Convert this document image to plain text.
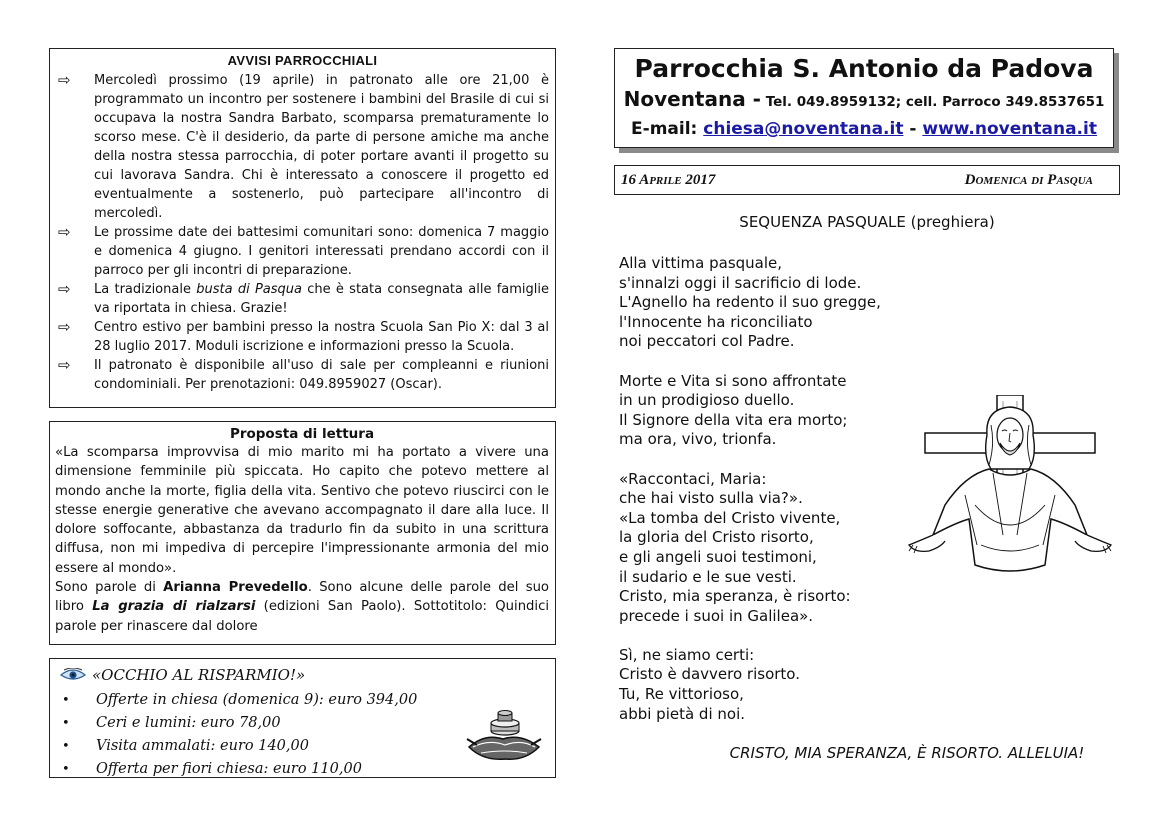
AVVISI PARROCCHIALI
⇨ Mercoledì prossimo (19 aprile) in patronato alle ore 21,00 è programmato un incontro per sostenere i bambini del Brasile di cui si occupava la nostra Sandra Barbato, scomparsa prematuramente lo scorso mese. C'è il desiderio, da parte di persone amiche ma anche della nostra stessa parrocchia, di poter portare avanti il progetto su cui lavorava Sandra. Chi è interessato a conoscere il progetto ed eventualmente a sostenerlo, può partecipare all'incontro di mercoledì.
⇨ Le prossime date dei battesimi comunitari sono: domenica 7 maggio e domenica 4 giugno. I genitori interessati prendano accordi con il parroco per gli incontri di preparazione.
⇨ La tradizionale busta di Pasqua che è stata consegnata alle famiglie va riportata in chiesa. Grazie!
⇨ Centro estivo per bambini presso la nostra Scuola San Pio X: dal 3 al 28 luglio 2017. Moduli iscrizione e informazioni presso la Scuola.
⇨ Il patronato è disponibile all'uso di sale per compleanni e riunioni condominiali. Per prenotazioni: 049.8959027 (Oscar).
Proposta di lettura

«La scomparsa improvvisa di mio marito mi ha portato a vivere una dimensione femminile più spiccata. Ho capito che potevo mettere al mondo anche la morte, figlia della vita. Sentivo che potevo riuscirci con le stesse energie generative che avevano accompagnato il dare alla luce. Il dolore soffocante, abbastanza da tradurlo fin da subito in una scrittura diffusa, non mi impediva di percepire l'impressionante armonia del mio essere al mondo».

Sono parole di Arianna Prevedello. Sono alcune delle parole del suo libro La grazia di rialzarsi (edizioni San Paolo). Sottotitolo: Quindici parole per rinascere dal dolore

«OCCHIO AL RISPARMIO!»
• Offerte in chiesa (domenica 9): euro 394,00
• Ceri e lumini: euro 78,00
• Visita ammalati: euro 140,00
• Offerta per fiori chiesa: euro 110,00
Parrocchia S. Antonio da Padova
Noventana - Tel. 049.8959132; cell. Parroco 349.8537651
E-mail: chiesa@noventana.it - www.noventana.it
16 Aprile 2017	Domenica di Pasqua
SEQUENZA PASQUALE (preghiera)
Alla vittima pasquale,
s'innalzi oggi il sacrificio di lode.
L'Agnello ha redento il suo gregge,
l'Innocente ha riconciliato
noi peccatori col Padre.
Morte e Vita si sono affrontate
in un prodigioso duello.
Il Signore della vita era morto;
ma ora, vivo, trionfa.
«Raccontaci, Maria:
che hai visto sulla via?».
«La tomba del Cristo vivente,
la gloria del Cristo risorto,
e gli angeli suoi testimoni,
il sudario e le sue vesti.
Cristo, mia speranza, è risorto:
precede i suoi in Galilea».
Sì, ne siamo certi:
Cristo è davvero risorto.
Tu, Re vittorioso,
abbi pietà di noi.
CRISTO, MIA SPERANZA, È RISORTO. ALLELUIA!
